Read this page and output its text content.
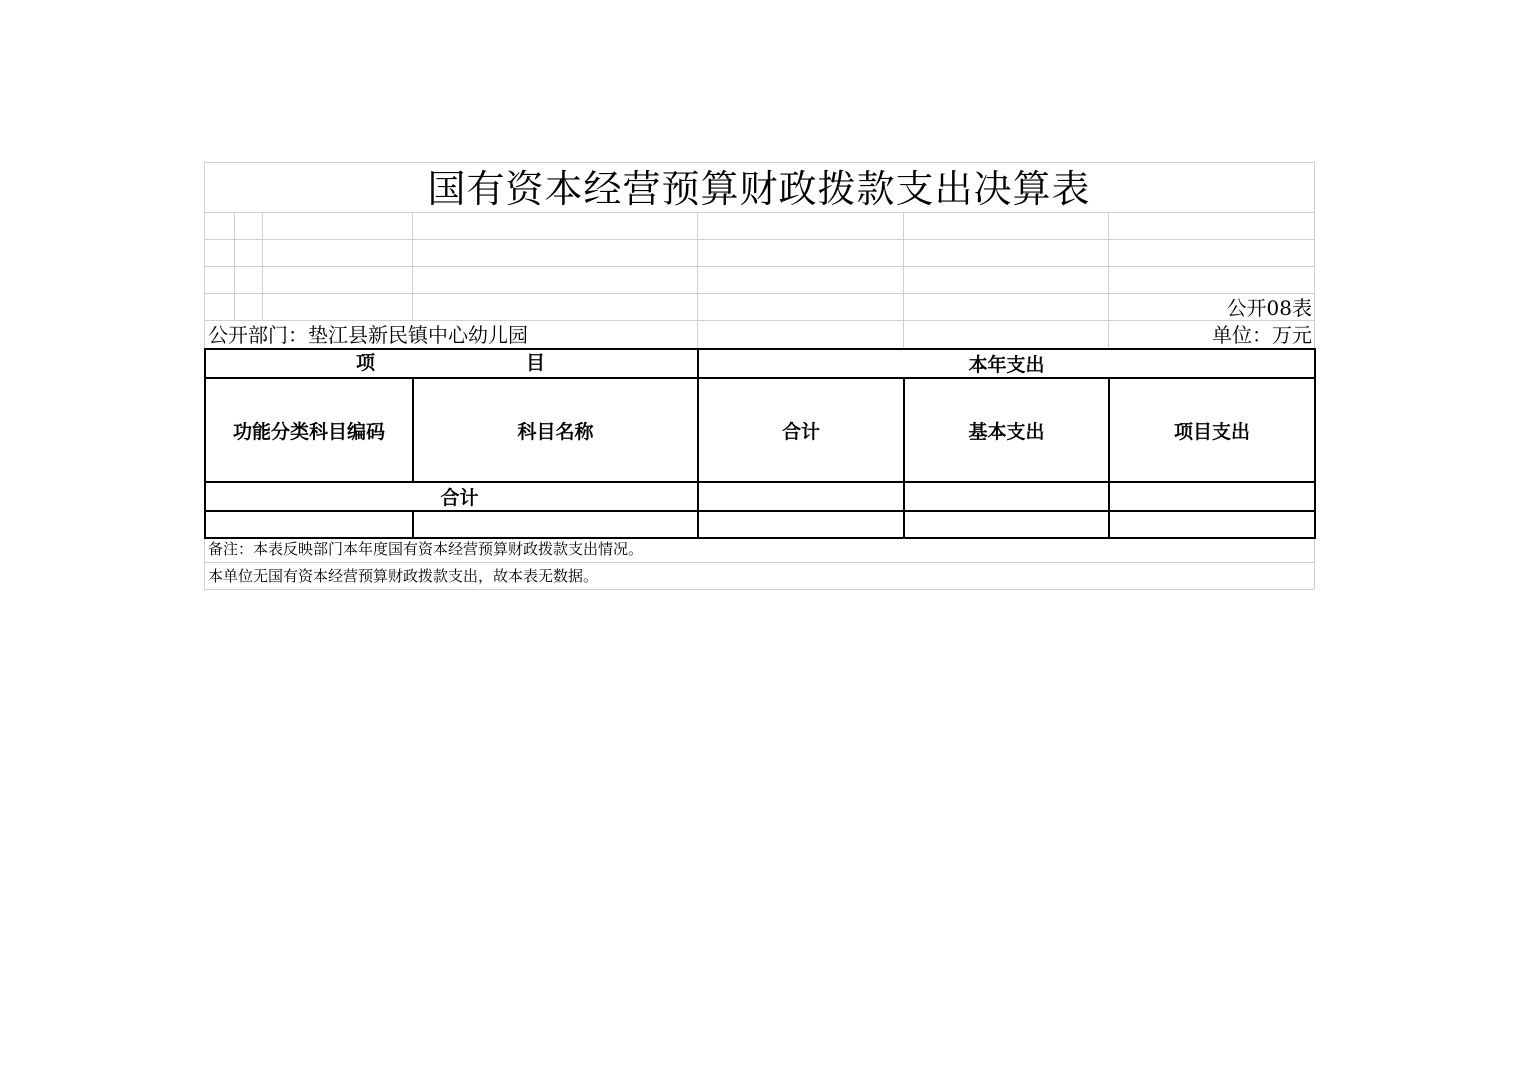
国有资本经营预算财政拨款支出决算表
公开08表
公开部门：垫江县新民镇中心幼儿园	单位：万元
项 目		本年支出		
功能分类科目编码	科目名称	合计	基本支出	项目支出
合计				

备注：本表反映部门本年度国有资本经营预算财政拨款支出情况。
本单位无国有资本经营预算财政拨款支出，故本表无数据。
